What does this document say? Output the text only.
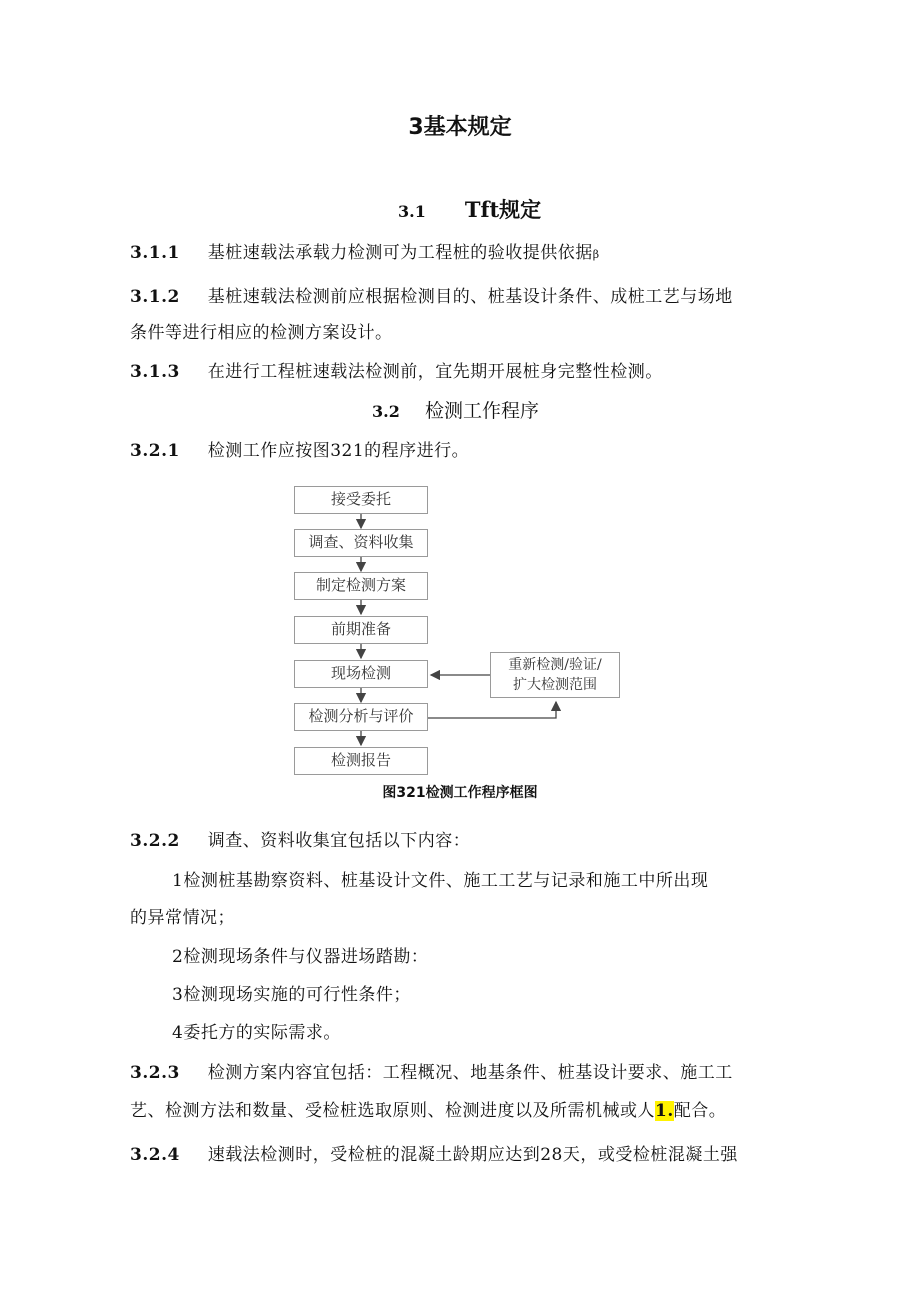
3基本规定
3.1 Tft规定
3.1.1 基桩速载法承载力检测可为工程桩的验收提供依据β
3.1.2 基桩速载法检测前应根据检测目的、桩基设计条件、成桩工艺与场地
条件等进行相应的检测方案设计。
3.1.3 在进行工程桩速载法检测前，宜先期开展桩身完整性检测。
3.2 检测工作程序
3.2.1 检测工作应按图321的程序进行。
接受委托
调查、资料收集
制定检测方案
前期准备
现场检测
检测分析与评价
检测报告
重新检测/验证/
扩大检测范围
图321检测工作程序框图
3.2.2 调查、资料收集宜包括以下内容：
1检测桩基勘察资料、桩基设计文件、施工工艺与记录和施工中所出现
的异常情况；
2检测现场条件与仪器进场踏勘：
3检测现场实施的可行性条件；
4委托方的实际需求。
3.2.3 检测方案内容宜包括：工程概况、地基条件、桩基设计要求、施工工
艺、检测方法和数量、受检桩选取原则、检测进度以及所需机械或人1.配合。
3.2.4 速载法检测时，受检桩的混凝土龄期应达到28天，或受检桩混凝土强
